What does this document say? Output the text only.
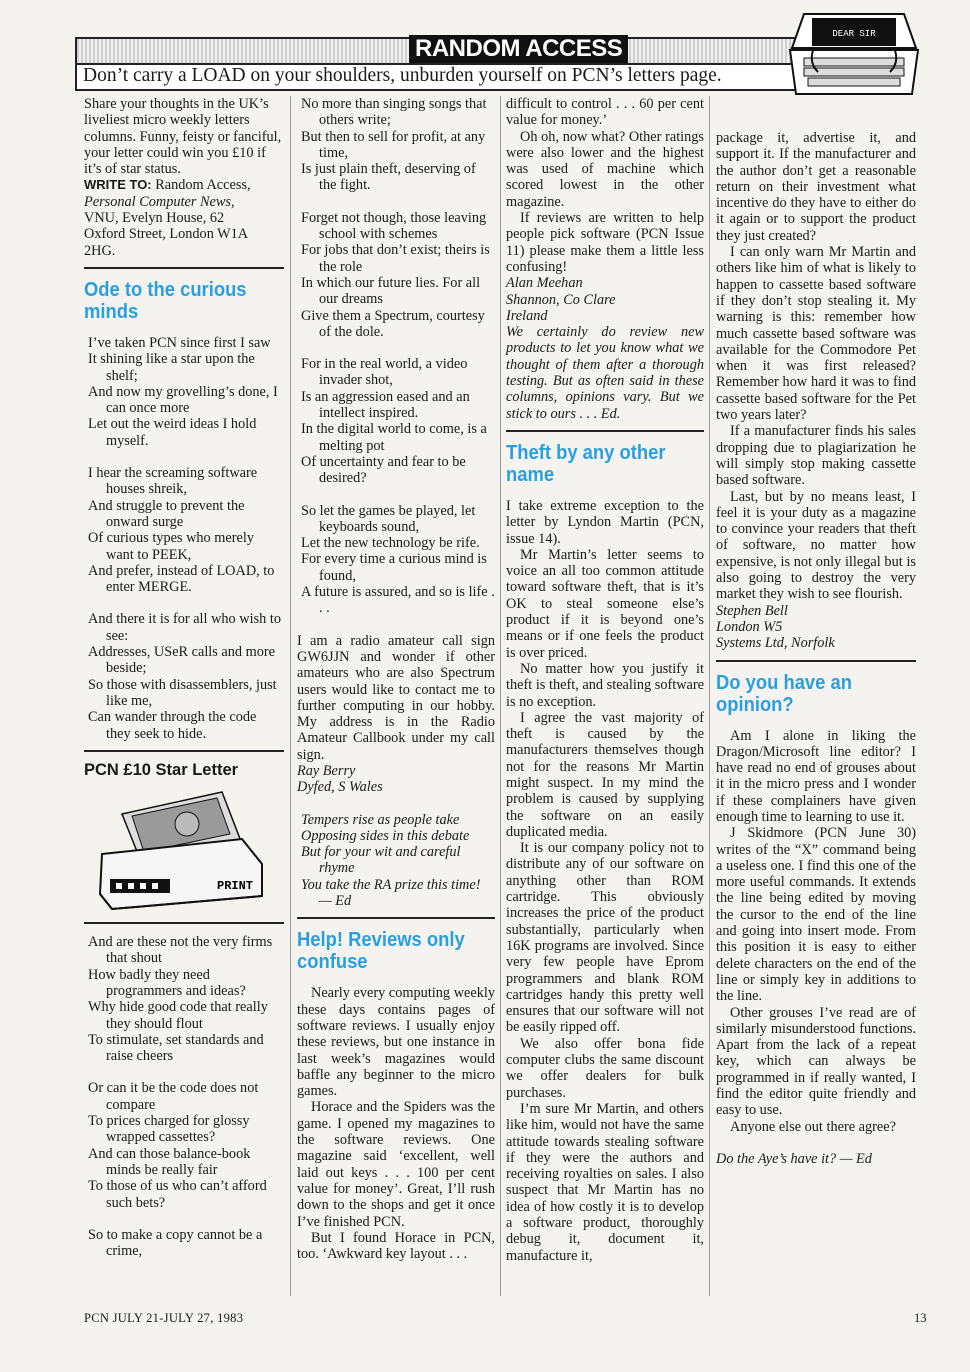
RANDOM ACCESS
Don’t carry a LOAD on your shoulders, unburden yourself on PCN’s letters page.
DEAR SIR

Share your thoughts in the UK’s liveliest micro weekly letters columns. Funny, feisty or fanciful, your letter could win you £10 if it’s of star status.

WRITE TO: Random Access,

Personal Computer News,

VNU, Evelyn House, 62

Oxford Street, London W1A

2HG.

Ode to the curious minds

I’ve taken PCN since first I saw

It shining like a star upon the shelf;

And now my grovelling’s done, I can once more

Let out the weird ideas I hold myself.

I hear the screaming software houses shreik,

And struggle to prevent the onward surge

Of curious types who merely want to PEEK,

And prefer, instead of LOAD, to enter MERGE.

And there it is for all who wish to see:

Addresses, USeR calls and more beside;

So those with disassemblers, just like me,

Can wander through the code they seek to hide.

PCN £10 Star Letter
PRINT

And are these not the very firms that shout

How badly they need programmers and ideas?

Why hide good code that really they should flout

To stimulate, set standards and raise cheers

Or can it be the code does not compare

To prices charged for glossy wrapped cassettes?

And can those balance-book minds be really fair

To those of us who can’t afford such bets?

So to make a copy cannot be a crime,

No more than singing songs that others write;

But then to sell for profit, at any time,

Is just plain theft, deserving of the fight.

Forget not though, those leaving school with schemes

For jobs that don’t exist; theirs is the role

In which our future lies. For all our dreams

Give them a Spectrum, courtesy of the dole.

For in the real world, a video invader shot,

Is an aggression eased and an intellect inspired.

In the digital world to come, is a melting pot

Of uncertainty and fear to be desired?

So let the games be played, let keyboards sound,

Let the new technology be rife.

For every time a curious mind is found,

A future is assured, and so is life . . .

I am a radio amateur call sign GW6JJN and wonder if other amateurs who are also Spectrum users would like to contact me to further computing in our hobby. My address is in the Radio Amateur Callbook under my call sign.

Ray Berry

Dyfed, S Wales

Tempers rise as people take

Opposing sides in this debate

But for your wit and careful rhyme

You take the RA prize this time! — Ed

Help! Reviews only confuse

Nearly every computing weekly these days contains pages of software reviews. I usually enjoy these reviews, but one instance in last week’s magazines would baffle any beginner to the micro games.

Horace and the Spiders was the game. I opened my magazines to the software reviews. One magazine said ‘excellent, well laid out keys . . . 100 per cent value for money’. Great, I’ll rush down to the shops and get it once I’ve finished PCN.

But I found Horace in PCN, too. ‘Awkward key layout . . .

difficult to control . . . 60 per cent value for money.’

Oh oh, now what? Other ratings were also lower and the highest was used of machine which scored lowest in the other magazine.

If reviews are written to help people pick software (PCN Issue 11) please make them a little less confusing!

Alan Meehan

Shannon, Co Clare

Ireland

We certainly do review new products to let you know what we thought of them after a thorough testing. But as often said in these columns, opinions vary. But we stick to ours . . . Ed.

Theft by any other name

I take extreme exception to the letter by Lyndon Martin (PCN, issue 14).

Mr Martin’s letter seems to voice an all too common attitude toward software theft, that is it’s OK to steal someone else’s product if it is beyond one’s means or if one feels the product is over priced.

No matter how you justify it theft is theft, and stealing software is no exception.

I agree the vast majority of theft is caused by the manufacturers themselves though not for the reasons Mr Martin might suspect. In my mind the problem is caused by supplying the software on an easily duplicated media.

It is our company policy not to distribute any of our software on anything other than ROM cartridge. This obviously increases the price of the product substantially, particularly when 16K programs are involved. Since very few people have Eprom programmers and blank ROM cartridges handy this pretty well ensures that our software will not be easily ripped off.

We also offer bona fide computer clubs the same discount we offer dealers for bulk purchases.

I’m sure Mr Martin, and others like him, would not have the same attitude towards stealing software if they were the authors and receiving royalties on sales. I also suspect that Mr Martin has no idea of how costly it is to develop a software product, thoroughly debug it, document it, manufacture it,

package it, advertise it, and support it. If the manufacturer and the author don’t get a reasonable return on their investment what incentive do they have to either do it again or to support the product they just created?

I can only warn Mr Martin and others like him of what is likely to happen to cassette based software if they don’t stop stealing it. My warning is this: remember how much cassette based software was available for the Commodore Pet when it was first released? Remember how hard it was to find cassette based software for the Pet two years later?

If a manufacturer finds his sales dropping due to plagiarization he will simply stop making cassette based software.

Last, but by no means least, I feel it is your duty as a magazine to convince your readers that theft of software, no matter how expensive, is not only illegal but is also going to destroy the very market they wish to see flourish.

Stephen Bell

London W5

Systems Ltd, Norfolk

Do you have an opinion?

Am I alone in liking the Dragon/Microsoft line editor? I have read no end of grouses about it in the micro press and I wonder if these complainers have given enough time to learning to use it.

J Skidmore (PCN June 30) writes of the “X” command being a useless one. I find this one of the more useful commands. It extends the line being edited by moving the cursor to the end of the line and going into insert mode. From this position it is easy to either delete characters on the end of the line or simply key in additions to the line.

Other grouses I’ve read are of similarly misunderstood functions. Apart from the lack of a repeat key, which can always be programmed in if really wanted, I find the editor quite friendly and easy to use.

Anyone else out there agree?

Do the Aye’s have it? — Ed

PCN JULY 21-JULY 27, 1983	13
